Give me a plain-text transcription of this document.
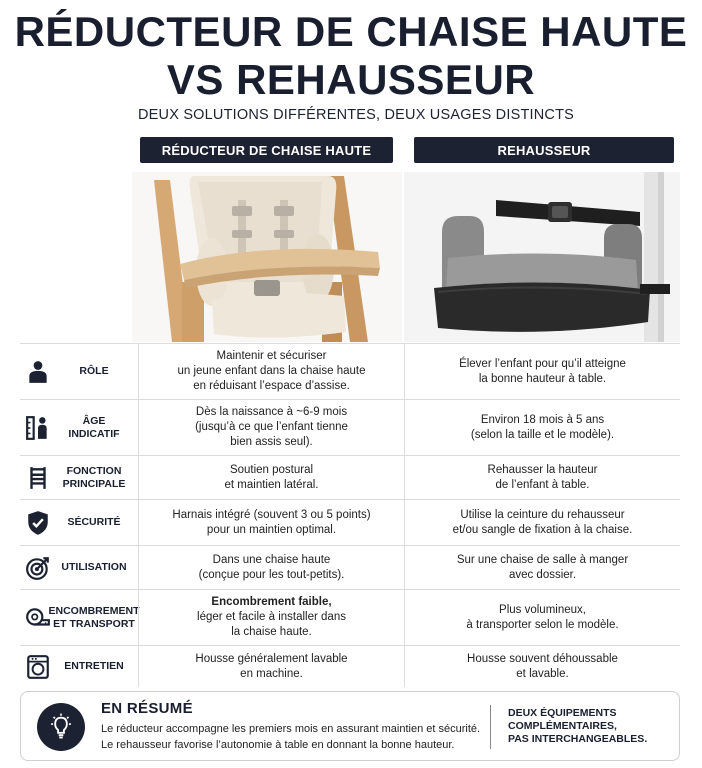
RÉDUCTEUR DE CHAISE HAUTE
VS REHAUSSEUR
DEUX SOLUTIONS DIFFÉRENTES, DEUX USAGES DISTINCTS
RÉDUCTEUR DE CHAISE HAUTE	REHAUSSEUR
RÔLE
Maintenir et sécuriser
un jeune enfant dans la chaise haute
en réduisant l’espace d’assise.
Élever l’enfant pour qu’il atteigne
la bonne hauteur à table.
ÂGE
INDICATIF
Dès la naissance à ~6-9 mois
(jusqu’à ce que l’enfant tienne
bien assis seul).
Environ 18 mois à 5 ans
(selon la taille et le modèle).
FONCTION
PRINCIPALE
Soutien postural
et maintien latéral.
Rehausser la hauteur
de l’enfant à table.
SÉCURITÉ
Harnais intégré (souvent 3 ou 5 points)
pour un maintien optimal.
Utilise la ceinture du rehausseur
et/ou sangle de fixation à la chaise.
UTILISATION
Dans une chaise haute
(conçue pour les tout-petits).
Sur une chaise de salle à manger
avec dossier.
ENCOMBREMENT
ET TRANSPORT
Encombrement faible,
léger et facile à installer dans
la chaise haute.
Plus volumineux,
à transporter selon le modèle.
ENTRETIEN
Housse généralement lavable
en machine.
Housse souvent déhoussable
et lavable.
EN RÉSUMÉ
Le réducteur accompagne les premiers mois en assurant maintien et sécurité.
Le rehausseur favorise l’autonomie à table en donnant la bonne hauteur.
DEUX ÉQUIPEMENTS
COMPLÉMENTAIRES,
PAS INTERCHANGEABLES.
